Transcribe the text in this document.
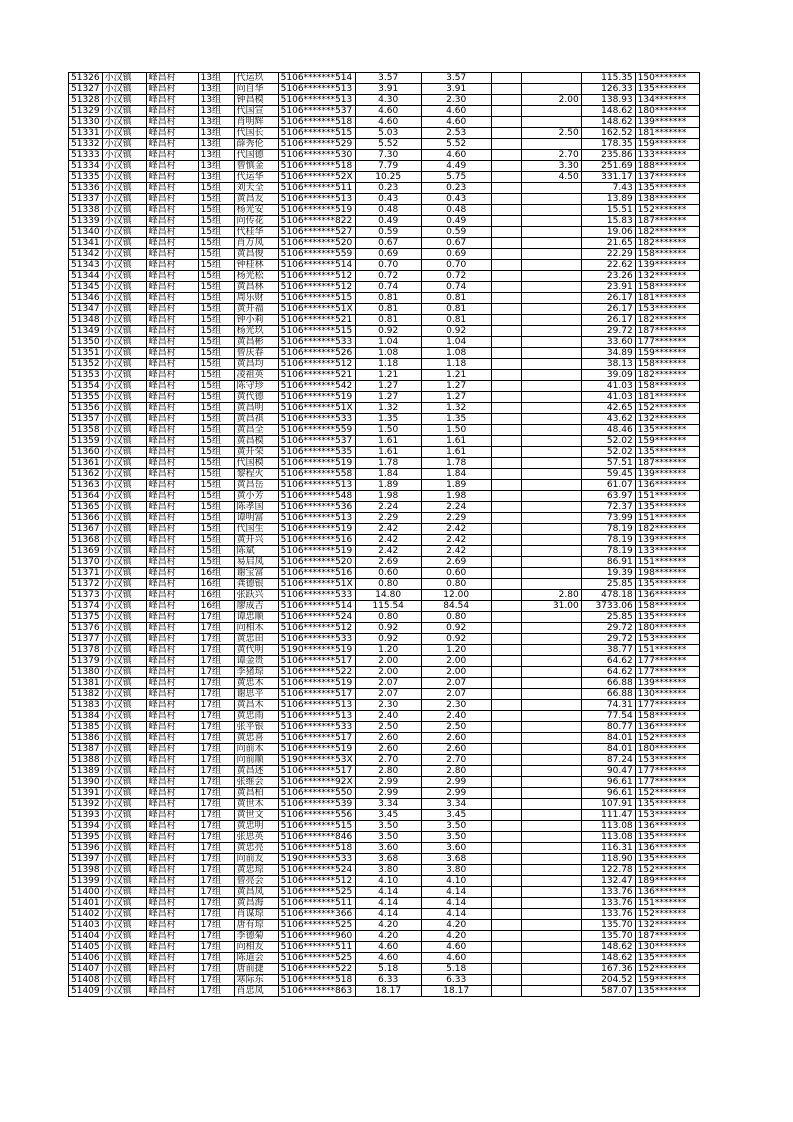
51326	小汉镇	峰昌村	13组	代运玖	5106*******514	3.57	3.57			115.35	150*******
51327	小汉镇	峰昌村	13组	向自华	5106*******513	3.91	3.91			126.33	135*******
51328	小汉镇	峰昌村	13组	钟昌模	5106*******513	4.30	2.30		2.00	138.93	134*******
51329	小汉镇	峰昌村	13组	代国宣	5106*******537	4.60	4.60			148.62	180*******
51330	小汉镇	峰昌村	13组	肖明辉	5106*******518	4.60	4.60			148.62	139*******
51331	小汉镇	峰昌村	13组	代国长	5106*******515	5.03	2.53		2.50	162.52	181*******
51332	小汉镇	峰昌村	13组	薛秀伦	5106*******529	5.52	5.52			178.35	159*******
51333	小汉镇	峰昌村	13组	代国德	5106*******530	7.30	4.60		2.70	235.86	133*******
51334	小汉镇	峰昌村	13组	曾慎金	5106*******518	7.79	4.49		3.30	251.69	188*******
51335	小汉镇	峰昌村	13组	代运华	5106*******52X	10.25	5.75		4.50	331.17	137*******
51336	小汉镇	峰昌村	15组	刘天全	5106*******511	0.23	0.23			7.43	135*******
51337	小汉镇	峰昌村	15组	黄昌友	5106*******513	0.43	0.43			13.89	138*******
51338	小汉镇	峰昌村	15组	杨光安	5106*******519	0.48	0.48			15.51	152*******
51339	小汉镇	峰昌村	15组	向传花	5106*******822	0.49	0.49			15.83	187*******
51340	小汉镇	峰昌村	15组	代桂华	5106*******527	0.59	0.59			19.06	182*******
51341	小汉镇	峰昌村	15组	肖万凤	5106*******520	0.67	0.67			21.65	182*******
51342	小汉镇	峰昌村	15组	黄昌俊	5106*******559	0.69	0.69			22.29	158*******
51343	小汉镇	峰昌村	15组	钟桂林	5106*******514	0.70	0.70			22.62	139*******
51344	小汉镇	峰昌村	15组	杨光松	5106*******512	0.72	0.72			23.26	132*******
51345	小汉镇	峰昌村	15组	黄昌林	5106*******512	0.74	0.74			23.91	158*******
51346	小汉镇	峰昌村	15组	周乐财	5106*******515	0.81	0.81			26.17	181*******
51347	小汉镇	峰昌村	15组	黄开福	5106*******51X	0.81	0.81			26.17	153*******
51348	小汉镇	峰昌村	15组	钟小莉	5106*******521	0.81	0.81			26.17	182*******
51349	小汉镇	峰昌村	15组	杨光玖	5106*******515	0.92	0.92			29.72	187*******
51350	小汉镇	峰昌村	15组	黄昌彬	5106*******533	1.04	1.04			33.60	177*******
51351	小汉镇	峰昌村	15组	曾庆春	5106*******526	1.08	1.08			34.89	159*******
51352	小汉镇	峰昌村	15组	黄昌均	5106*******512	1.18	1.18			38.13	158*******
51353	小汉镇	峰昌村	15组	凌祖英	5106*******521	1.21	1.21			39.09	182*******
51354	小汉镇	峰昌村	15组	陈守珍	5106*******542	1.27	1.27			41.03	158*******
51355	小汉镇	峰昌村	15组	黄代德	5106*******519	1.27	1.27			41.03	181*******
51356	小汉镇	峰昌村	15组	黄昌明	5106*******51X	1.32	1.32			42.65	152*******
51357	小汉镇	峰昌村	15组	黄昌祺	5106*******533	1.35	1.35			43.62	132*******
51358	小汉镇	峰昌村	15组	黄昌全	5106*******559	1.50	1.50			48.46	135*******
51359	小汉镇	峰昌村	15组	黄昌模	5106*******537	1.61	1.61			52.02	159*******
51360	小汉镇	峰昌村	15组	黄开荣	5106*******535	1.61	1.61			52.02	135*******
51361	小汉镇	峰昌村	15组	代国模	5106*******519	1.78	1.78			57.51	187*******
51362	小汉镇	峰昌村	15组	黎程火	5106*******558	1.84	1.84			59.45	139*******
51363	小汉镇	峰昌村	15组	黄昌岳	5106*******513	1.89	1.89			61.07	136*******
51364	小汉镇	峰昌村	15组	黄小芳	5106*******548	1.98	1.98			63.97	151*******
51365	小汉镇	峰昌村	15组	陈孝国	5106*******536	2.24	2.24			72.37	135*******
51366	小汉镇	峰昌村	15组	谭明富	5106*******513	2.29	2.29			73.99	151*******
51367	小汉镇	峰昌村	15组	代国生	5106*******519	2.42	2.42			78.19	182*******
51368	小汉镇	峰昌村	15组	黄开兴	5106*******516	2.42	2.42			78.19	139*******
51369	小汉镇	峰昌村	15组	陈斌	5106*******519	2.42	2.42			78.19	133*******
51370	小汉镇	峰昌村	15组	易启凤	5106*******520	2.69	2.69			86.91	151*******
51371	小汉镇	峰昌村	16组	谢宝富	5106*******516	0.60	0.60			19.39	198*******
51372	小汉镇	峰昌村	16组	龚德银	5106*******51X	0.80	0.80			25.85	135*******
51373	小汉镇	峰昌村	16组	张跃兴	5106*******533	14.80	12.00		2.80	478.18	136*******
51374	小汉镇	峰昌村	16组	廖成吉	5106*******514	115.54	84.54		31.00	3733.06	158*******
51375	小汉镇	峰昌村	17组	谭忠顺	5106*******524	0.80	0.80			25.85	135*******
51376	小汉镇	峰昌村	17组	向相木	5106*******512	0.92	0.92			29.72	180*******
51377	小汉镇	峰昌村	17组	黄忠田	5106*******533	0.92	0.92			29.72	153*******
51378	小汉镇	峰昌村	17组	黄代明	5190*******519	1.20	1.20			38.77	151*******
51379	小汉镇	峰昌村	17组	谭金贵	5106*******517	2.00	2.00			64.62	177*******
51380	小汉镇	峰昌村	17组	李猪琼	5106*******522	2.00	2.00			64.62	177*******
51381	小汉镇	峰昌村	17组	黄忠木	5106*******519	2.07	2.07			66.88	139*******
51382	小汉镇	峰昌村	17组	谢思平	5106*******517	2.07	2.07			66.88	130*******
51383	小汉镇	峰昌村	17组	黄昌木	5106*******513	2.30	2.30			74.31	177*******
51384	小汉镇	峰昌村	17组	黄忠雨	5106*******513	2.40	2.40			77.54	158*******
51385	小汉镇	峰昌村	17组	张平银	5106*******533	2.50	2.50			80.77	136*******
51386	小汉镇	峰昌村	17组	黄忠喜	5106*******517	2.60	2.60			84.01	152*******
51387	小汉镇	峰昌村	17组	向前木	5106*******519	2.60	2.60			84.01	180*******
51388	小汉镇	峰昌村	17组	向前顺	5190*******53X	2.70	2.70			87.24	153*******
51389	小汉镇	峰昌村	17组	黄昌述	5106*******517	2.80	2.80			90.47	177*******
51390	小汉镇	峰昌村	17组	张维会	5106*******92X	2.99	2.99			96.61	177*******
51391	小汉镇	峰昌村	17组	黄昌柏	5106*******550	2.99	2.99			96.61	152*******
51392	小汉镇	峰昌村	17组	黄世木	5106*******539	3.34	3.34			107.91	135*******
51393	小汉镇	峰昌村	17组	黄世文	5106*******556	3.45	3.45			111.47	153*******
51394	小汉镇	峰昌村	17组	黄忠明	5106*******515	3.50	3.50			113.08	136*******
51395	小汉镇	峰昌村	17组	张思英	5106*******846	3.50	3.50			113.08	135*******
51396	小汉镇	峰昌村	17组	黄忠亮	5106*******518	3.60	3.60			116.31	136*******
51397	小汉镇	峰昌村	17组	向前友	5190*******533	3.68	3.68			118.90	135*******
51398	小汉镇	峰昌村	17组	黄忠琼	5106*******524	3.80	3.80			122.78	152*******
51399	小汉镇	峰昌村	17组	曾亮会	5106*******512	4.10	4.10			132.47	189*******
51400	小汉镇	峰昌村	17组	黄昌凤	5106*******525	4.14	4.14			133.76	136*******
51401	小汉镇	峰昌村	17组	黄昌海	5106*******511	4.14	4.14			133.76	151*******
51402	小汉镇	峰昌村	17组	肖谋琼	5106*******366	4.14	4.14			133.76	152*******
51403	小汉镇	峰昌村	17组	唐有琼	5106*******525	4.20	4.20			135.70	132*******
51404	小汉镇	峰昌村	17组	李德菊	5106*******960	4.20	4.20			135.70	187*******
51405	小汉镇	峰昌村	17组	向相友	5106*******511	4.60	4.60			148.62	130*******
51406	小汉镇	峰昌村	17组	陈道会	5106*******525	4.60	4.60			148.62	135*******
51407	小汉镇	峰昌村	17组	唐前捷	5106*******522	5.18	5.18			167.36	152*******
51408	小汉镇	峰昌村	17组	寒际东	5106*******518	6.33	6.33			204.52	159*******
51409	小汉镇	峰昌村	17组	肖忠凤	5106*******863	18.17	18.17			587.07	135*******
